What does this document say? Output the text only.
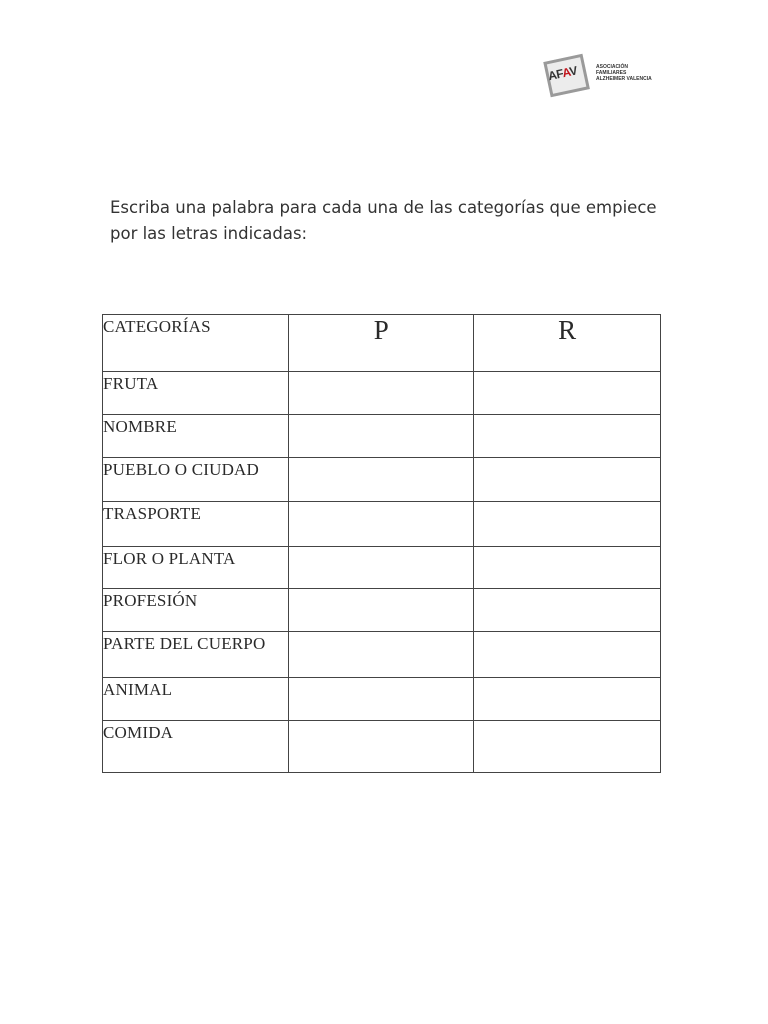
AFAV	ASOCIACIÓN FAMILIARES
ALZHEIMER VALENCIA
Escriba una palabra para cada una de las categorías que empiece por las letras indicadas:
CATEGORÍAS	P	R
FRUTA		
NOMBRE		
PUEBLO O CIUDAD		
TRASPORTE		
FLOR O PLANTA		
PROFESIÓN		
PARTE DEL CUERPO		
ANIMAL		
COMIDA		
